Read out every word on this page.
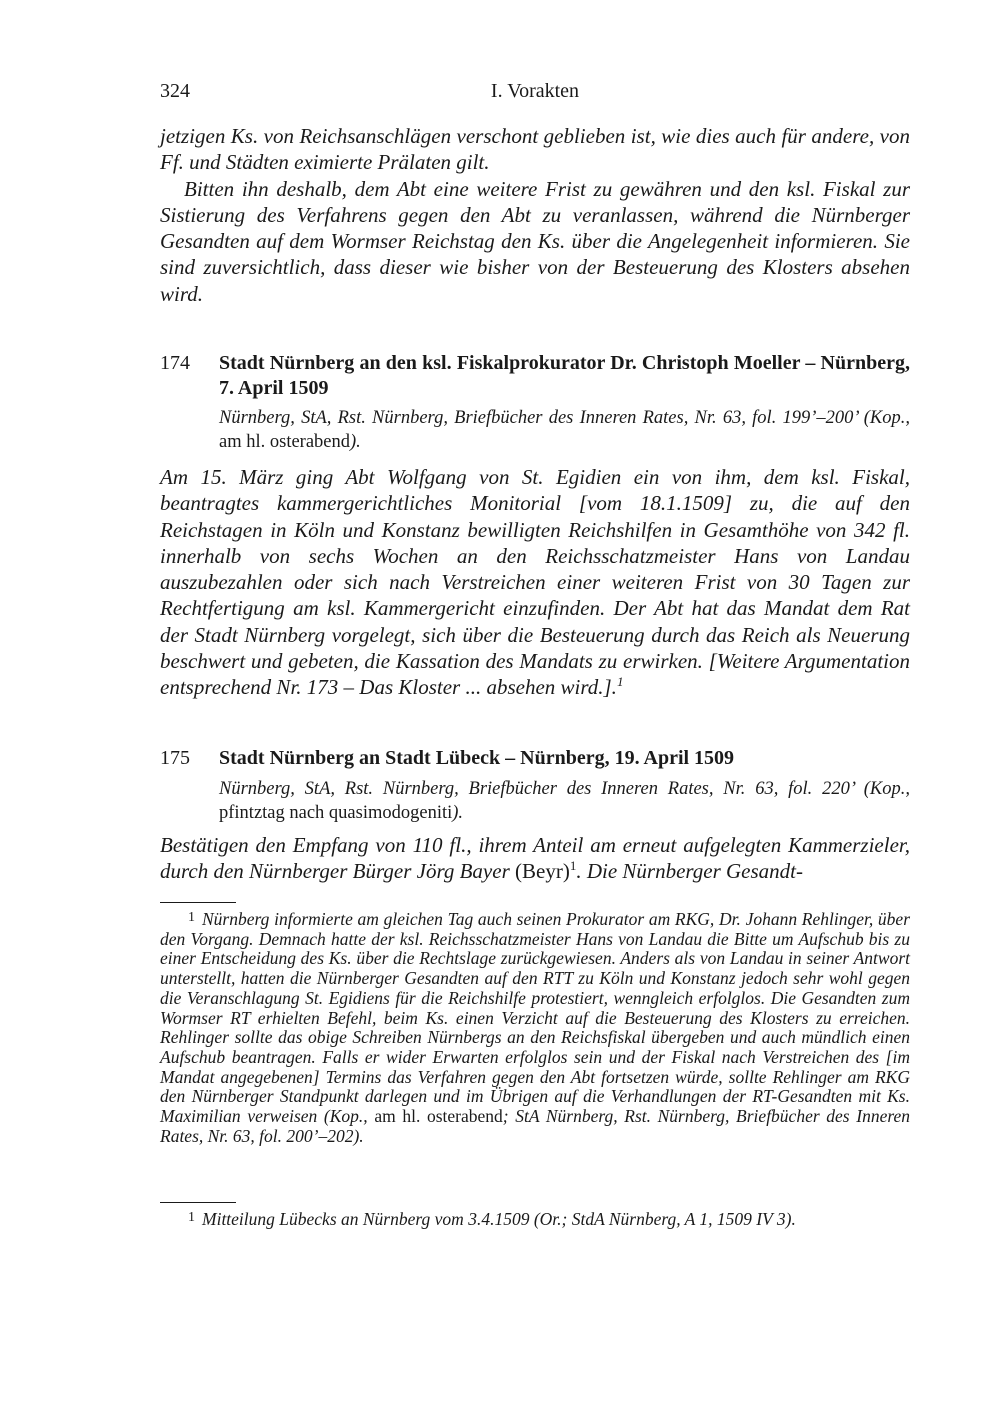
324	I. Vorakten

jetzigen Ks. von Reichsanschlägen verschont geblieben ist, wie dies auch für andere, von Ff. und Städten eximierte Prälaten gilt.

Bitten ihn deshalb, dem Abt eine weitere Frist zu gewähren und den ksl. Fiskal zur Sistierung des Verfahrens gegen den Abt zu veranlassen, während die Nürnberger Gesandten auf dem Wormser Reichstag den Ks. über die Angelegenheit informieren. Sie sind zuversichtlich, dass dieser wie bisher von der Besteuerung des Klosters absehen wird.

174 Stadt Nürnberg an den ksl. Fiskalprokurator Dr. Christoph Moeller – Nürnberg, 7. April 1509
Nürnberg, StA, Rst. Nürnberg, Briefbücher des Inneren Rates, Nr. 63, fol. 199’–200’ (Kop., am hl. osterabend).

Am 15. März ging Abt Wolfgang von St. Egidien ein von ihm, dem ksl. Fiskal, beantragtes kammergerichtliches Monitorial [vom 18.1.1509] zu, die auf den Reichstagen in Köln und Konstanz bewilligten Reichshilfen in Gesamthöhe von 342 fl. innerhalb von sechs Wochen an den Reichsschatzmeister Hans von Landau auszubezahlen oder sich nach Verstreichen einer weiteren Frist von 30 Tagen zur Rechtfertigung am ksl. Kammergericht einzufinden. Der Abt hat das Mandat dem Rat der Stadt Nürnberg vorgelegt, sich über die Besteuerung durch das Reich als Neuerung beschwert und gebeten, die Kassation des Mandats zu erwirken. [Weitere Argumentation entsprechend Nr. 173 – Das Kloster ... absehen wird.].$^1$

175 Stadt Nürnberg an Stadt Lübeck – Nürnberg, 19. April 1509
Nürnberg, StA, Rst. Nürnberg, Briefbücher des Inneren Rates, Nr. 63, fol. 220’ (Kop., pfintztag nach quasimodogeniti).

Bestätigen den Empfang von 110 fl., ihrem Anteil am erneut aufgelegten Kammerzieler, durch den Nürnberger Bürger Jörg Bayer (Beyr)$^1$. Die Nürnberger Gesandt-

$^1$ Nürnberg informierte am gleichen Tag auch seinen Prokurator am RKG, Dr. Johann Rehlinger, über den Vorgang. Demnach hatte der ksl. Reichsschatzmeister Hans von Landau die Bitte um Aufschub bis zu einer Entscheidung des Ks. über die Rechtslage zurückgewiesen. Anders als von Landau in seiner Antwort unterstellt, hatten die Nürnberger Gesandten auf den RTT zu Köln und Konstanz jedoch sehr wohl gegen die Veranschlagung St. Egidiens für die Reichshilfe protestiert, wenngleich erfolglos. Die Gesandten zum Wormser RT erhielten Befehl, beim Ks. einen Verzicht auf die Besteuerung des Klosters zu erreichen. Rehlinger sollte das obige Schreiben Nürnbergs an den Reichsfiskal übergeben und auch mündlich einen Aufschub beantragen. Falls er wider Erwarten erfolglos sein und der Fiskal nach Verstreichen des [im Mandat angegebenen] Termins das Verfahren gegen den Abt fortsetzen würde, sollte Rehlinger am RKG den Nürnberger Standpunkt darlegen und im Übrigen auf die Verhandlungen der RT-Gesandten mit Ks. Maximilian verweisen (Kop., am hl. osterabend; StA Nürnberg, Rst. Nürnberg, Briefbücher des Inneren Rates, Nr. 63, fol. 200’–202).
$^1$ Mitteilung Lübecks an Nürnberg vom 3.4.1509 (Or.; StdA Nürnberg, A 1, 1509 IV 3).
